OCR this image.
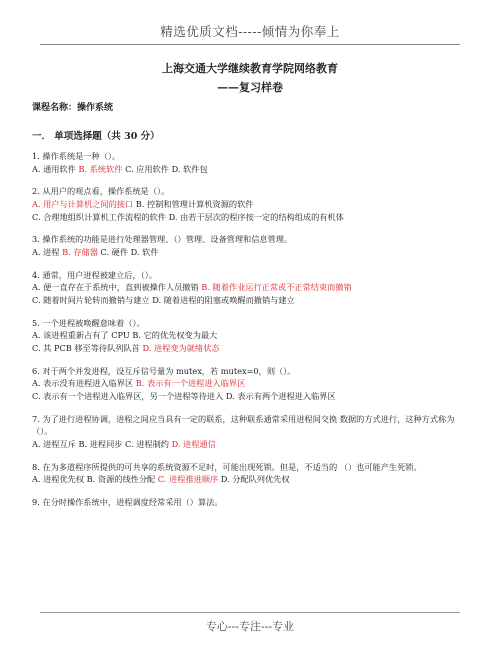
精选优质文档-----倾情为你奉上
上海交通大学继续教育学院网络教育
——复习样卷
课程名称：操作系统
一． 单项选择题（共 30 分）

1. 操作系统是一种（）。

A. 通用软件 B. 系统软件 C. 应用软件 D. 软件包

2. 从用户的观点看，操作系统是（）。

A. 用户与计算机之间的接口 B. 控制和管理计算机资源的软件

C. 合理地组织计算机工作流程的软件 D. 由若干层次的程序按一定的结构组成的有机体

3. 操作系统的功能是进行处理器管理、（）管理、设备管理和信息管理。

A. 进程 B. 存储器 C. 硬件 D. 软件

4. 通常，用户进程被建立后，（）。

A. 便一直存在于系统中，直到被操作人员撤销 B. 随着作业运行正常或不正常结束而撤销

C. 随着时间片轮转而撤销与建立 D. 随着进程的阻塞或唤醒而撤销与建立

5. 一个进程被唤醒意味着（）。

A. 该进程重新占有了 CPU B. 它的优先权变为最大

C. 其 PCB 移至等待队列队首 D. 进程变为就绪状态

6. 对于两个并发进程，设互斥信号量为 mutex，若 mutex=0，则（）。

A. 表示没有进程进入临界区 B. 表示有一个进程进入临界区

C. 表示有一个进程进入临界区，另一个进程等待进入 D. 表示有两个进程进入临界区

7. 为了进行进程协调，进程之间应当具有一定的联系，这种联系通常采用进程间交换 数据的方式进行，这种方式称为（）。

A. 进程互斥 B. 进程同步 C. 进程制约 D. 进程通信

8. 在为多道程序所提供的可共享的系统资源不足时，可能出现死锁。但是，不适当的 （）也可能产生死锁。

A. 进程优先权 B. 资源的线性分配 C. 进程推进顺序 D. 分配队列优先权

9. 在分时操作系统中，进程调度经常采用（）算法。

专心---专注---专业
